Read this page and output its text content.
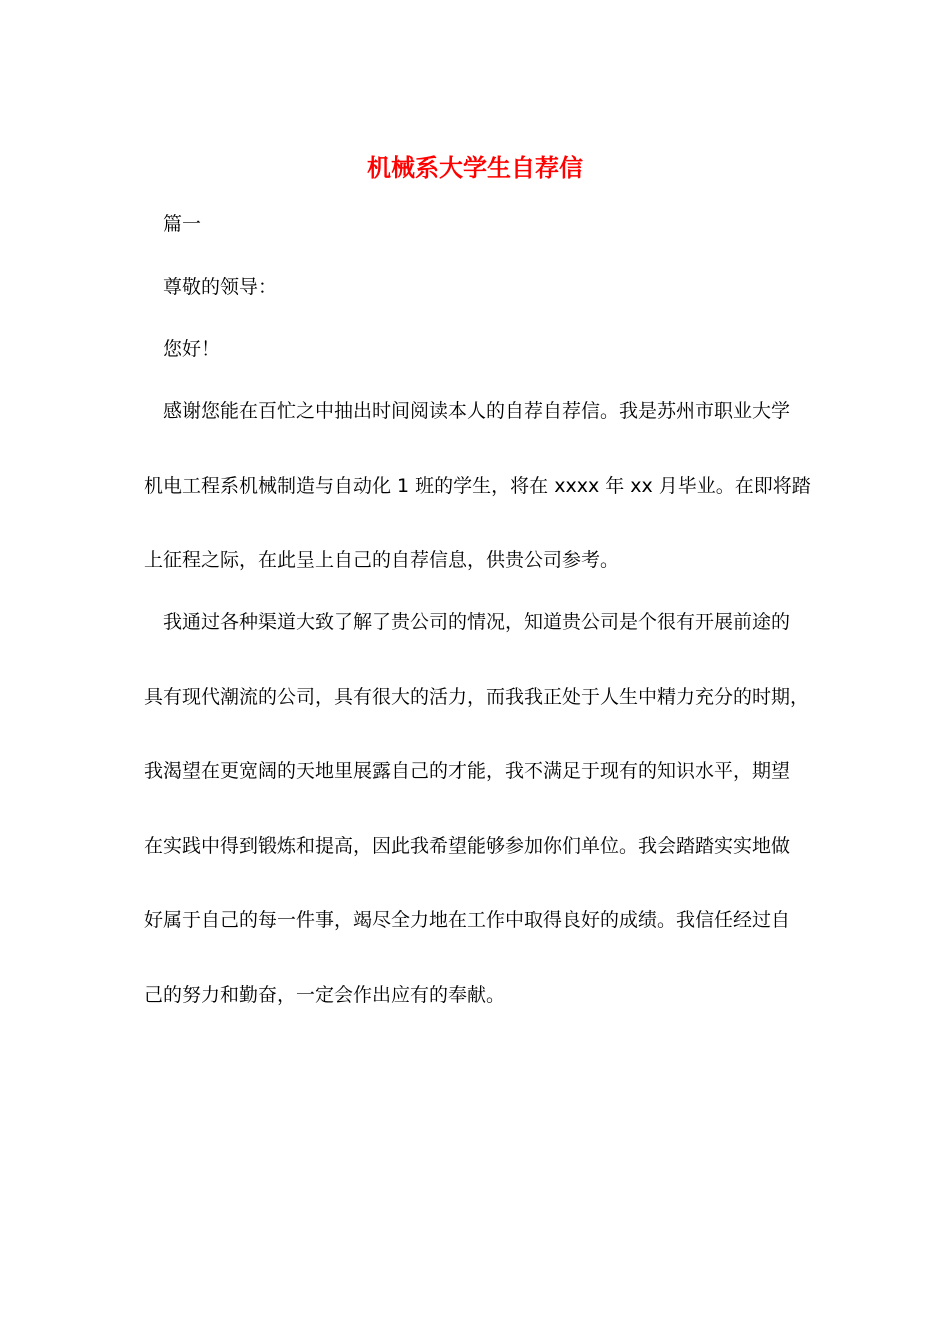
机械系大学生自荐信
篇一
尊敬的领导：
您好！
感谢您能在百忙之中抽出时间阅读本人的自荐自荐信。我是苏州市职业大学
机电工程系机械制造与自动化 1 班的学生，将在 xxxx 年 xx 月毕业。在即将踏
上征程之际，在此呈上自己的自荐信息，供贵公司参考。
我通过各种渠道大致了解了贵公司的情况，知道贵公司是个很有开展前途的
具有现代潮流的公司，具有很大的活力，而我我正处于人生中精力充分的时期，
我渴望在更宽阔的天地里展露自己的才能，我不满足于现有的知识水平，期望
在实践中得到锻炼和提高，因此我希望能够参加你们单位。我会踏踏实实地做
好属于自己的每一件事，竭尽全力地在工作中取得良好的成绩。我信任经过自
己的努力和勤奋，一定会作出应有的奉献。
